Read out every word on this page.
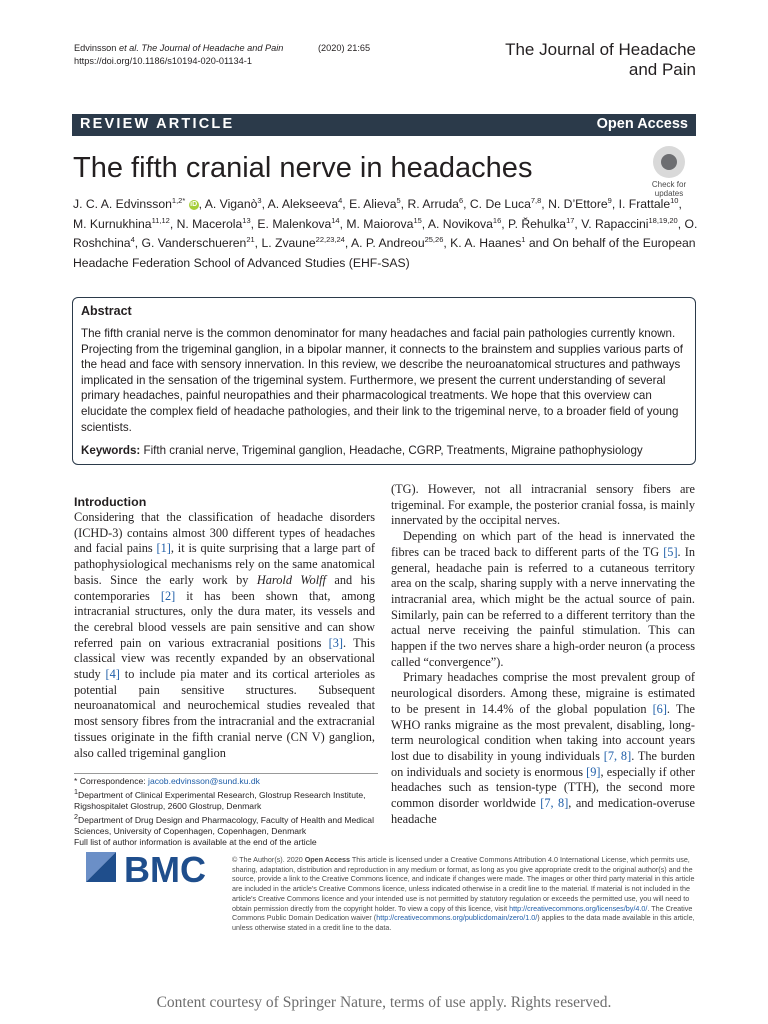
Edvinsson et al. The Journal of Headache and Pain	(2020) 21:65
https://doi.org/10.1186/s10194-020-01134-1
The Journal of Headache
and Pain
REVIEW ARTICLE	Open Access
The fifth cranial nerve in headaches
Check for
updates
J. C. A. Edvinsson$^{1,2*}$ iD , A. Viganò$^3$, A. Alekseeva$^4$, E. Alieva$^5$, R. Arruda$^6$, C. De Luca$^{7,8}$, N. D’Ettore$^9$, I. Frattale$^{10}$, M. Kurnukhina$^{11,12}$, N. Macerola$^{13}$, E. Malenkova$^{14}$, M. Maiorova$^{15}$, A. Novikova$^{16}$, P. Řehulka$^{17}$, V. Rapaccini$^{18,19,20}$, O. Roshchina$^4$, G. Vanderschueren$^{21}$, L. Zvaune$^{22,23,24}$, A. P. Andreou$^{25,26}$, K. A. Haanes$^1$ and On behalf of the European Headache Federation School of Advanced Studies (EHF-SAS)
Abstract
The fifth cranial nerve is the common denominator for many headaches and facial pain pathologies currently known. Projecting from the trigeminal ganglion, in a bipolar manner, it connects to the brainstem and supplies various parts of the head and face with sensory innervation. In this review, we describe the neuroanatomical structures and pathways implicated in the sensation of the trigeminal system. Furthermore, we present the current understanding of several primary headaches, painful neuropathies and their pharmacological treatments. We hope that this overview can elucidate the complex field of headache pathologies, and their link to the trigeminal nerve, to a broader field of young scientists.
Keywords: Fifth cranial nerve, Trigeminal ganglion, Headache, CGRP, Treatments, Migraine pathophysiology
Introduction

Considering that the classification of headache disorders (ICHD-3) contains almost 300 different types of headaches and facial pains [1], it is quite surprising that a large part of pathophysiological mechanisms rely on the same anatomical basis. Since the early work by Harold Wolff and his contemporaries [2] it has been shown that, among intracranial structures, only the dura mater, its vessels and the cerebral blood vessels are pain sensitive and can show referred pain on various extracranial positions [3]. This classical view was recently expanded by an observational study [4] to include pia mater and its cortical arterioles as potential pain sensitive structures. Subsequent neuroanatomical and neurochemical studies revealed that most sensory fibres from the intracranial and the extracranial tissues originate in the fifth cranial nerve (CN V) ganglion, also called trigeminal ganglion

(TG). However, not all intracranial sensory fibers are trigeminal. For example, the posterior cranial fossa, is mainly innervated by the occipital nerves.

Depending on which part of the head is innervated the fibres can be traced back to different parts of the TG [5]. In general, headache pain is referred to a cutaneous territory area on the scalp, sharing supply with a nerve innervating the intracranial area, which might be the actual source of pain. Similarly, pain can be referred to a different territory than the actual nerve receiving the painful stimulation. This can happen if the two nerves share a high-order neuron (a process called “convergence”).

Primary headaches comprise the most prevalent group of neurological disorders. Among these, migraine is estimated to be present in 14.4% of the global population [6]. The WHO ranks migraine as the most prevalent, disabling, long-term neurological condition when taking into account years lost due to disability in young individuals [7, 8]. The burden on individuals and society is enormous [9], especially if other headaches such as tension-type (TTH), the second more common disorder worldwide [7, 8], and medication-overuse headache

* Correspondence: jacob.edvinsson@sund.ku.dk

$^1$Department of Clinical Experimental Research, Glostrup Research Institute, Rigshospitalet Glostrup, 2600 Glostrup, Denmark

$^2$Department of Drug Design and Pharmacology, Faculty of Health and Medical Sciences, University of Copenhagen, Copenhagen, Denmark

Full list of author information is available at the end of the article

BMC	© The Author(s). 2020 Open Access This article is licensed under a Creative Commons Attribution 4.0 International License, which permits use, sharing, adaptation, distribution and reproduction in any medium or format, as long as you give appropriate credit to the original author(s) and the source, provide a link to the Creative Commons licence, and indicate if changes were made. The images or other third party material in this article are included in the article's Creative Commons licence, unless indicated otherwise in a credit line to the material. If material is not included in the article's Creative Commons licence and your intended use is not permitted by statutory regulation or exceeds the permitted use, you will need to obtain permission directly from the copyright holder. To view a copy of this licence, visit http://creativecommons.org/licenses/by/4.0/. The Creative Commons Public Domain Dedication waiver (http://creativecommons.org/publicdomain/zero/1.0/) applies to the data made available in this article, unless otherwise stated in a credit line to the data.
Content courtesy of Springer Nature, terms of use apply. Rights reserved.
